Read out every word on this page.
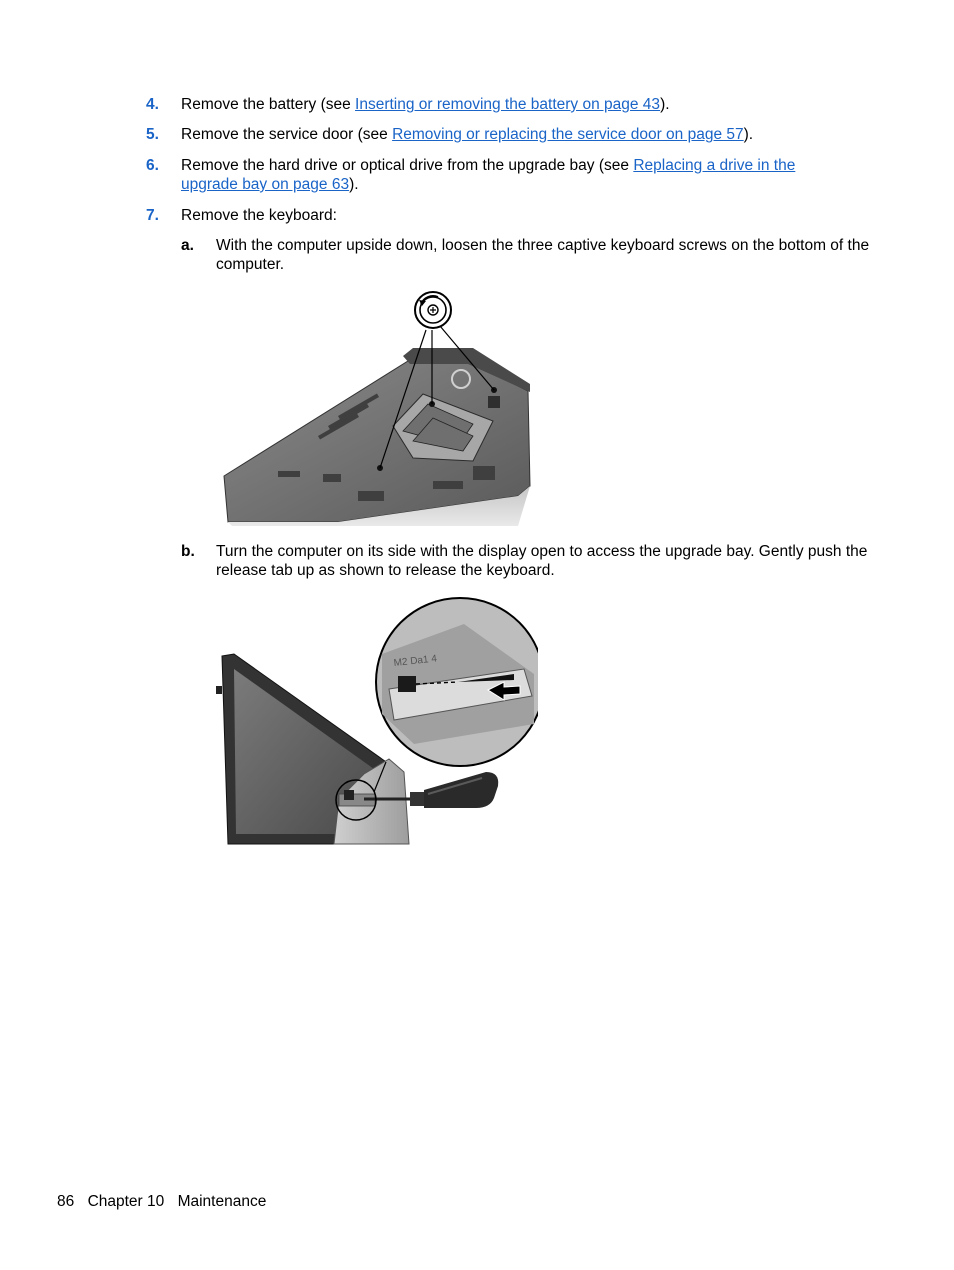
4. Remove the battery (see Inserting or removing the battery on page 43).
5. Remove the service door (see Removing or replacing the service door on page 57).
6. Remove the hard drive or optical drive from the upgrade bay (see Replacing a drive in the upgrade bay on page 63).
7. Remove the keyboard:
a. With the computer upside down, loosen the three captive keyboard screws on the bottom of the computer.
b. Turn the computer on its side with the display open to access the upgrade bay. Gently push the release tab up as shown to release the keyboard.
M2 Da1 4
86 Chapter 10 Maintenance
